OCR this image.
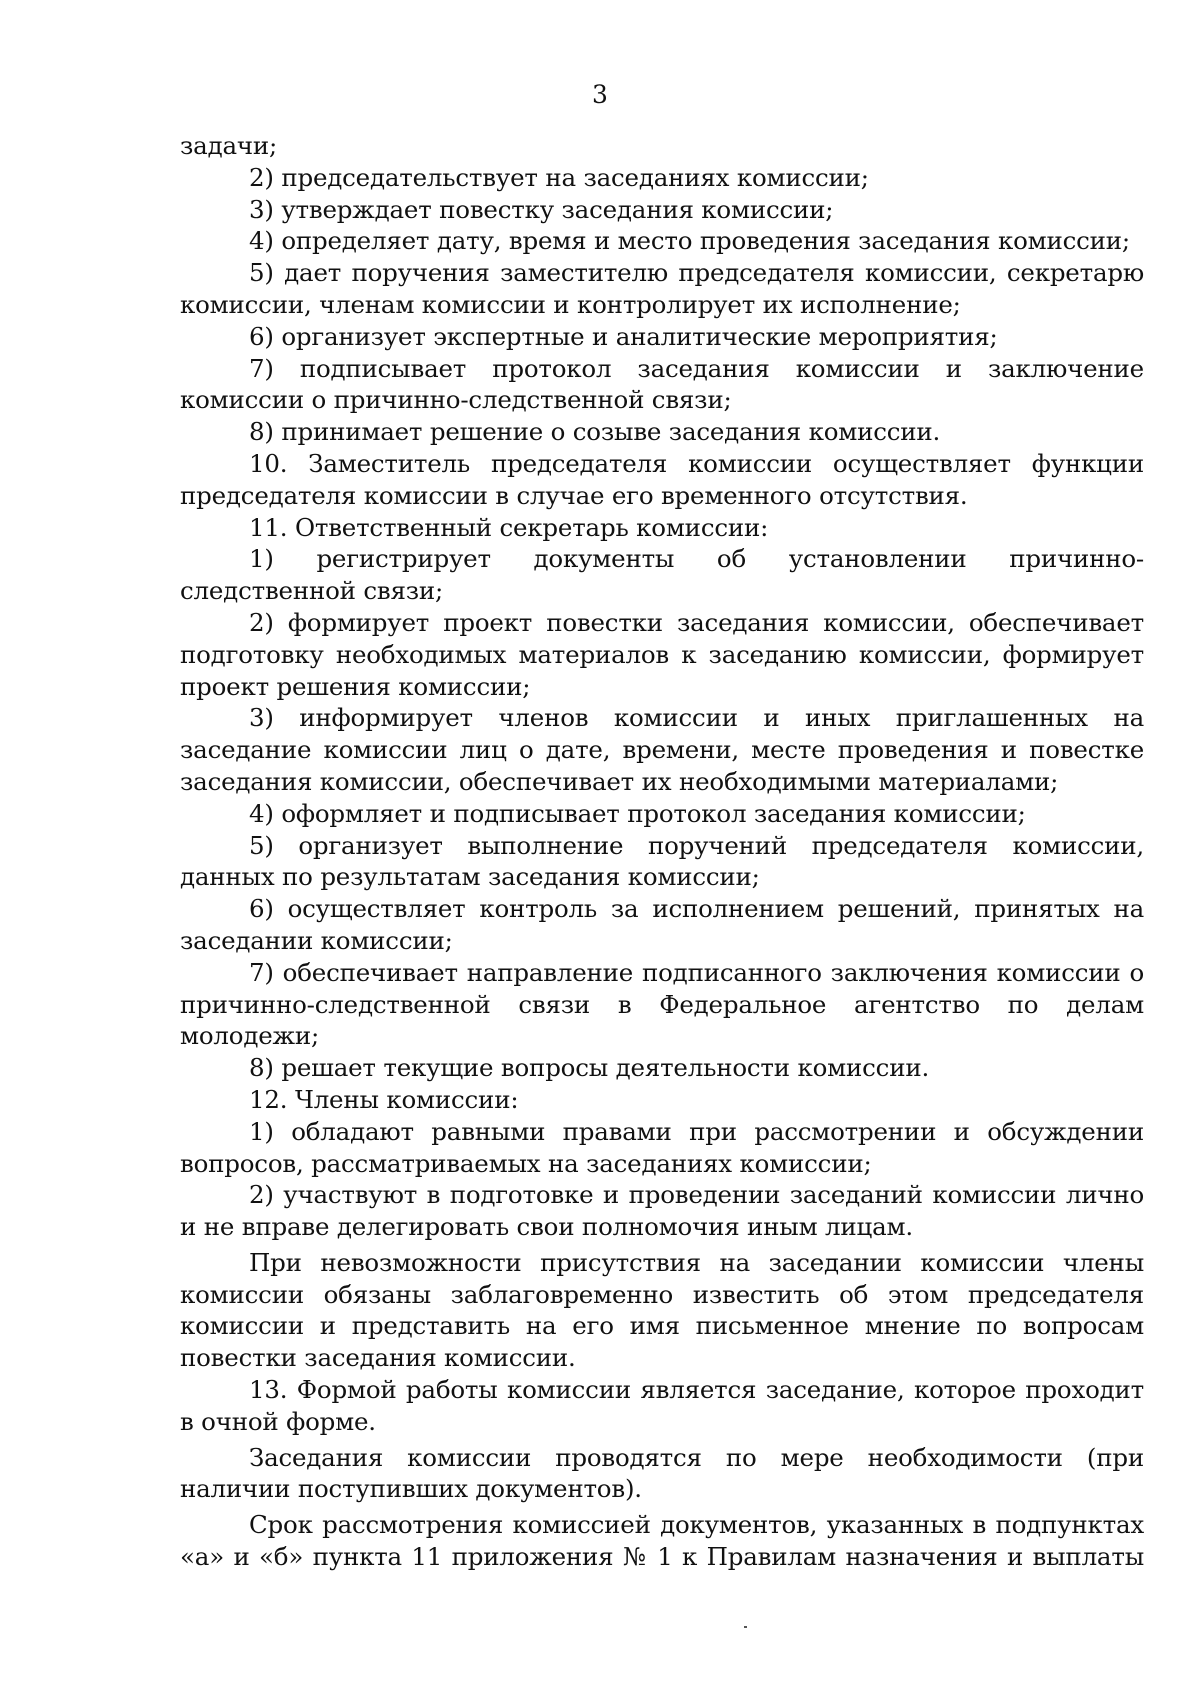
3

задачи;

2) председательствует на заседаниях комиссии;

3) утверждает повестку заседания комиссии;

4) определяет дату, время и место проведения заседания комиссии;

5) дает поручения заместителю председателя комиссии, секретарю комиссии, членам комиссии и контролирует их исполнение;

6) организует экспертные и аналитические мероприятия;

7) подписывает протокол заседания комиссии и заключение комиссии о причинно-следственной связи;

8) принимает решение о созыве заседания комиссии.

10. Заместитель председателя комиссии осуществляет функции председателя комиссии в случае его временного отсутствия.

11. Ответственный секретарь комиссии:

1) регистрирует документы об установлении причинно-следственной связи;

2) формирует проект повестки заседания комиссии, обеспечивает подготовку необходимых материалов к заседанию комиссии, формирует проект решения комиссии;

3) информирует членов комиссии и иных приглашенных на заседание комиссии лиц о дате, времени, месте проведения и повестке заседания комиссии, обеспечивает их необходимыми материалами;

4) оформляет и подписывает протокол заседания комиссии;

5) организует выполнение поручений председателя комиссии, данных по результатам заседания комиссии;

6) осуществляет контроль за исполнением решений, принятых на заседании комиссии;

7) обеспечивает направление подписанного заключения комиссии о причинно-следственной связи в Федеральное агентство по делам молодежи;

8) решает текущие вопросы деятельности комиссии.

12. Члены комиссии:

1) обладают равными правами при рассмотрении и обсуждении вопросов, рассматриваемых на заседаниях комиссии;

2) участвуют в подготовке и проведении заседаний комиссии лично и не вправе делегировать свои полномочия иным лицам.

При невозможности присутствия на заседании комиссии члены комиссии обязаны заблаговременно известить об этом председателя комиссии и представить на его имя письменное мнение по вопросам повестки заседания комиссии.

13. Формой работы комиссии является заседание, которое проходит в очной форме.

Заседания комиссии проводятся по мере необходимости (при наличии поступивших документов).

Срок рассмотрения комиссией документов, указанных в подпунктах «а» и «б» пункта 11 приложения № 1 к Правилам назначения и выплаты
